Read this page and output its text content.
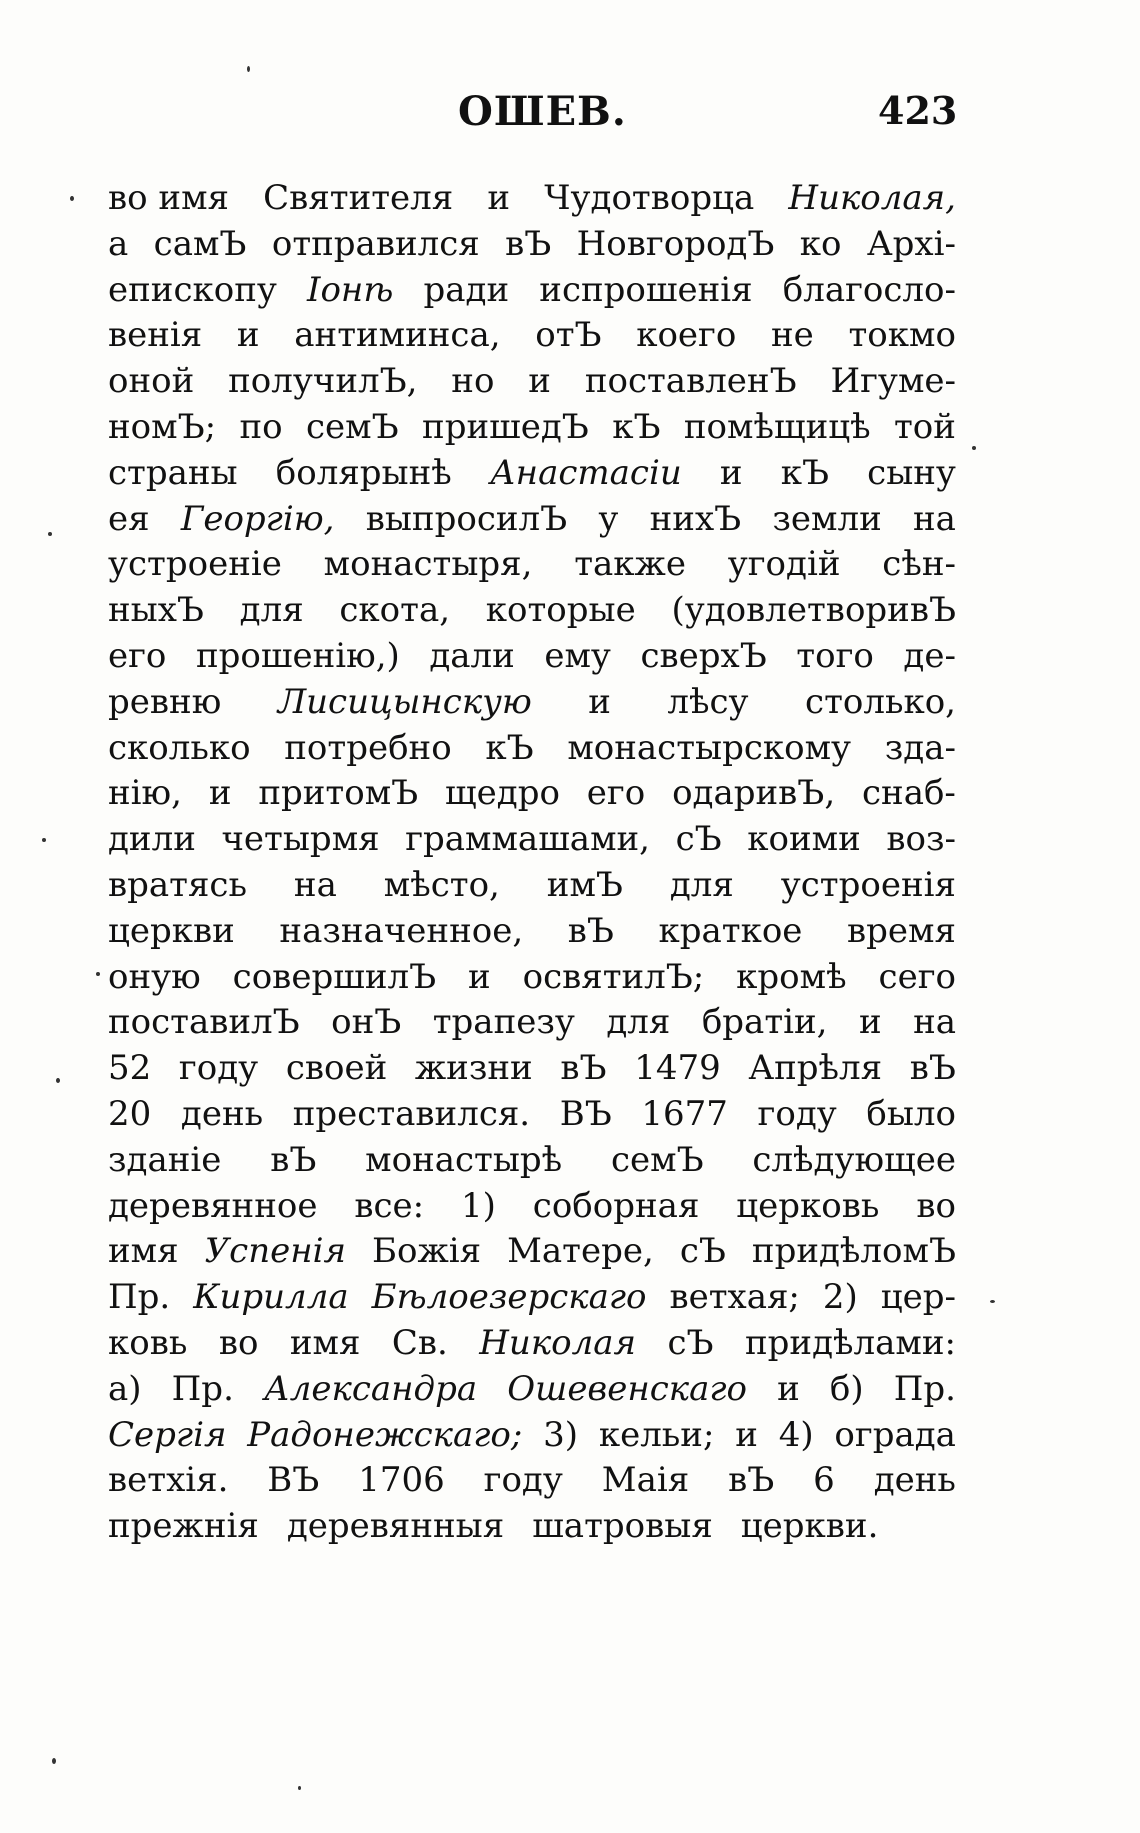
ОШЕВ.	423
во имя Святителя и Чудотворца Николая,
а самЪ отправился вЪ НовгородЪ ко Архі-
епископу Іонѣ ради испрошенія благосло-
венія и антиминса, отЪ коего не токмо
оной получилЪ, но и поставленЪ Игуме-
номЪ; по семЪ пришедЪ кЪ помѣщицѣ той
страны болярынѣ Анастасіи и кЪ сыну
ея Георгію, выпросилЪ у нихЪ земли на
устроеніе монастыря, также угодій сѣн-
ныхЪ для скота, которые (удовлетворивЪ
его прошенію,) дали ему сверхЪ того де-
ревню Лисицынскую и лѣсу столько,
сколько потребно кЪ монастырскому зда-
нію, и притомЪ щедро его одаривЪ, снаб-
дили четырмя граммашами, сЪ коими воз-
вратясь на мѣсто, имЪ для устроенія
церкви назначенное, вЪ краткое время
оную совершилЪ и освятилЪ; кромѣ сего
поставилЪ онЪ трапезу для братіи, и на
52 году своей жизни вЪ 1479 Апрѣля вЪ
20 день преставился. ВЪ 1677 году было
зданіе вЪ монастырѣ семЪ слѣдующее
деревянное все: 1) соборная церковь во
имя Успенія Божія Матере, сЪ придѣломЪ
Пр. Кирилла Бѣлоезерскаго ветхая; 2) цер-
ковь во имя Св. Николая сЪ придѣлами:
а) Пр. Александра Ошевенскаго и б) Пр.
Сергія Радонежскаго; 3) кельи; и 4) ограда
ветхія. ВЪ 1706 году Маія вЪ 6 день
прежнія деревянныя шатровыя церкви.
